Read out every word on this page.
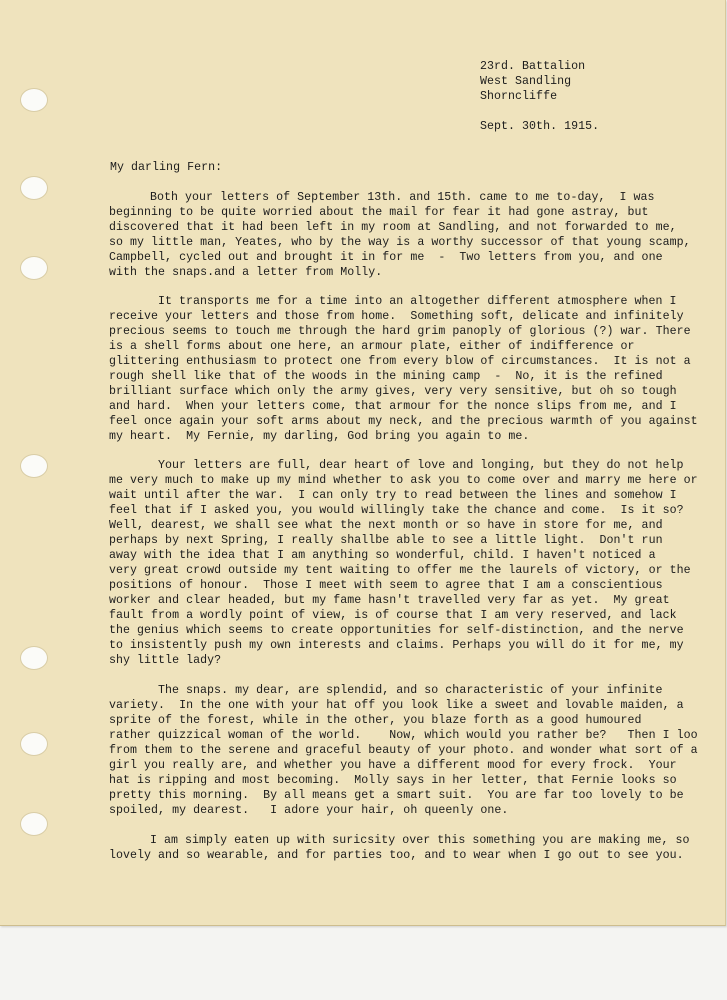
23rd. Battalion

West Sandling

Shorncliffe

Sept. 30th. 1915.

My darling Fern:

Both your letters of September 13th. and 15th. came to me to-day,  I was

beginning to be quite worried about the mail for fear it had gone astray, but

discovered that it had been left in my room at Sandling, and not forwarded to me,

so my little man, Yeates, who by the way is a worthy successor of that young scamp,

Campbell, cycled out and brought it in for me  -  Two letters from you, and one

with the snaps.and a letter from Molly.

It transports me for a time into an altogether different atmosphere when I

receive your letters and those from home.  Something soft, delicate and infinitely

precious seems to touch me through the hard grim panoply of glorious (?) war. There

is a shell forms about one here, an armour plate, either of indifference or

glittering enthusiasm to protect one from every blow of circumstances.  It is not a

rough shell like that of the woods in the mining camp  -  No, it is the refined

brilliant surface which only the army gives, very very sensitive, but oh so tough

and hard.  When your letters come, that armour for the nonce slips from me, and I

feel once again your soft arms about my neck, and the precious warmth of you against

my heart.  My Fernie, my darling, God bring you again to me.

Your letters are full, dear heart of love and longing, but they do not help

me very much to make up my mind whether to ask you to come over and marry me here or

wait until after the war.  I can only try to read between the lines and somehow I

feel that if I asked you, you would willingly take the chance and come.  Is it so?

Well, dearest, we shall see what the next month or so have in store for me, and

perhaps by next Spring, I really shallbe able to see a little light.  Don't run

away with the idea that I am anything so wonderful, child. I haven't noticed a

very great crowd outside my tent waiting to offer me the laurels of victory, or the

positions of honour.  Those I meet with seem to agree that I am a conscientious

worker and clear headed, but my fame hasn't travelled very far as yet.  My great

fault from a wordly point of view, is of course that I am very reserved, and lack

the genius which seems to create opportunities for self-distinction, and the nerve

to insistently push my own interests and claims. Perhaps you will do it for me, my

shy little lady?

The snaps. my dear, are splendid, and so characteristic of your infinite

variety.  In the one with your hat off you look like a sweet and lovable maiden, a

sprite of the forest, while in the other, you blaze forth as a good humoured

rather quizzical woman of the world.    Now, which would you rather be?   Then I loo

from them to the serene and graceful beauty of your photo. and wonder what sort of a

girl you really are, and whether you have a different mood for every frock.  Your

hat is ripping and most becoming.  Molly says in her letter, that Fernie looks so

pretty this morning.  By all means get a smart suit.  You are far too lovely to be

spoiled, my dearest.   I adore your hair, oh queenly one.

I am simply eaten up with suricsity over this something you are making me, so

lovely and so wearable, and for parties too, and to wear when I go out to see you.
